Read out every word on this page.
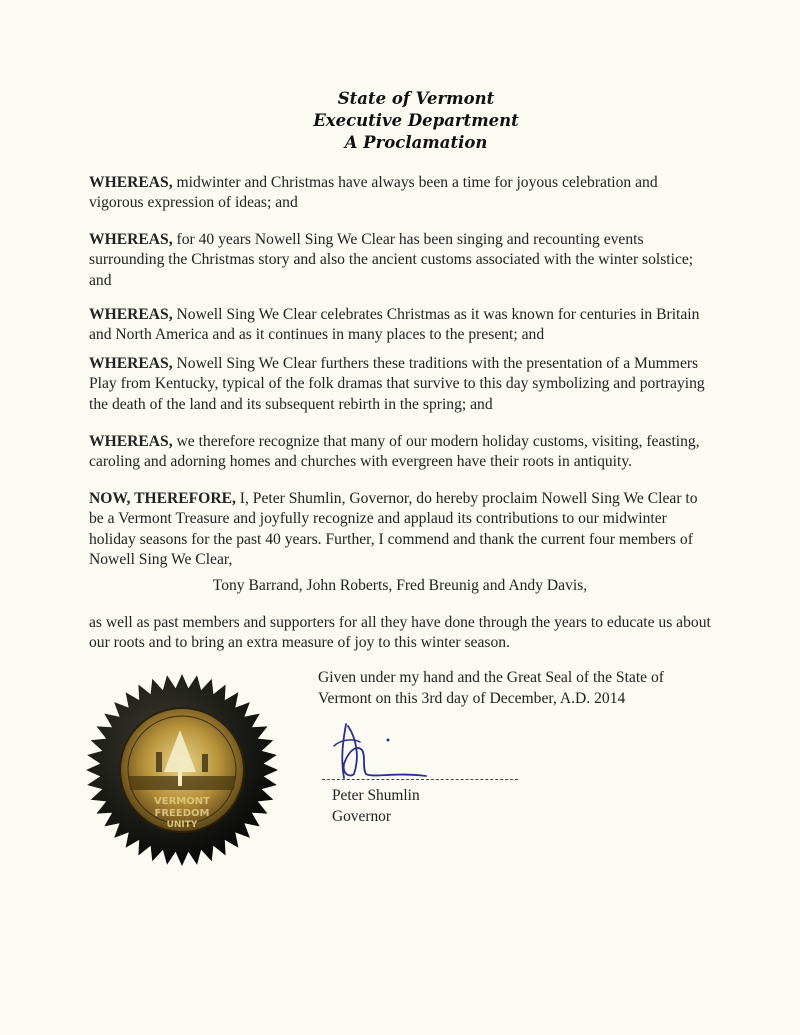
State of Vermont
Executive Department
A Proclamation

WHEREAS, midwinter and Christmas have always been a time for joyous celebration and vigorous expression of ideas; and

WHEREAS, for 40 years Nowell Sing We Clear has been singing and recounting events surrounding the Christmas story and also the ancient customs associated with the winter solstice; and

WHEREAS, Nowell Sing We Clear celebrates Christmas as it was known for centuries in Britain and North America and as it continues in many places to the present; and

WHEREAS, Nowell Sing We Clear furthers these traditions with the presentation of a Mummers Play from Kentucky, typical of the folk dramas that survive to this day symbolizing and portraying the death of the land and its subsequent rebirth in the spring; and

WHEREAS, we therefore recognize that many of our modern holiday customs, visiting, feasting, caroling and adorning homes and churches with evergreen have their roots in antiquity.

NOW, THEREFORE, I, Peter Shumlin, Governor, do hereby proclaim Nowell Sing We Clear to be a Vermont Treasure and joyfully recognize and applaud its contributions to our midwinter holiday seasons for the past 40 years. Further, I commend and thank the current four members of Nowell Sing We Clear,

Tony Barrand, John Roberts, Fred Breunig and Andy Davis,

as well as past members and supporters for all they have done through the years to educate us about our roots and to bring an extra measure of joy to this winter season.

Given under my hand and the Great Seal of the State of
Vermont on this 3rd day of December, A.D. 2014
Peter Shumlin
Governor
VERMONT
FREEDOM
UNITY
